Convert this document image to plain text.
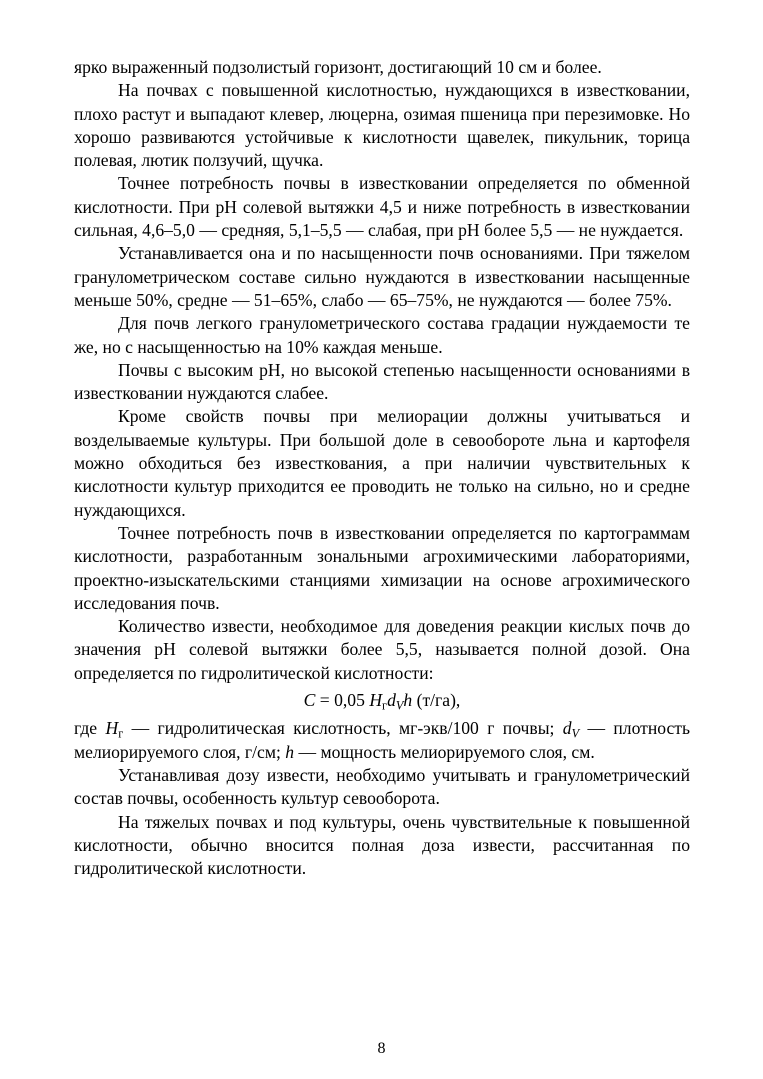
ярко выраженный подзолистый горизонт, достигающий 10 см и более.

На почвах с повышенной кислотностью, нуждающихся в известковании, плохо растут и выпадают клевер, люцерна, озимая пшеница при перезимовке. Но хорошо развиваются устойчивые к кислотности щавелек, пикульник, торица полевая, лютик ползучий, щучка.

Точнее потребность почвы в известковании определяется по обменной кислотности. При pH солевой вытяжки 4,5 и ниже потребность в известковании сильная, 4,6–5,0 — средняя, 5,1–5,5 — слабая, при pH более 5,5 — не нуждается.

Устанавливается она и по насыщенности почв основаниями. При тяжелом гранулометрическом составе сильно нуждаются в известковании насыщенные меньше 50%, средне — 51–65%, слабо — 65–75%, не нуждаются — более 75%.

Для почв легкого гранулометрического состава градации нуждаемости те же, но с насыщенностью на 10% каждая меньше.

Почвы с высоким pH, но высокой степенью насыщенности основаниями в известковании нуждаются слабее.

Кроме свойств почвы при мелиорации должны учитываться и возделываемые культуры. При большой доле в севообороте льна и картофеля можно обходиться без известкования, а при наличии чувствительных к кислотности культур приходится ее проводить не только на сильно, но и средне нуждающихся.

Точнее потребность почв в известковании определяется по картограммам кислотности, разработанным зональными агрохимическими лабораториями, проектно-изыскательскими станциями химизации на основе агрохимического исследования почв.

Количество извести, необходимое для доведения реакции кислых почв до значения pH солевой вытяжки более 5,5, называется полной дозой. Она определяется по гидролитической кислотности:

C = 0,05 $H_гd_Vh$ (т/га),

где $H_г$ — гидролитическая кислотность, мг-экв/100 г почвы; $d_V$ — плотность мелиорируемого слоя, г/см; h — мощность мелиорируемого слоя, см.

Устанавливая дозу извести, необходимо учитывать и гранулометрический состав почвы, особенность культур севооборота.

На тяжелых почвах и под культуры, очень чувствительные к повышенной кислотности, обычно вносится полная доза извести, рассчитанная по гидролитической кислотности.

8
